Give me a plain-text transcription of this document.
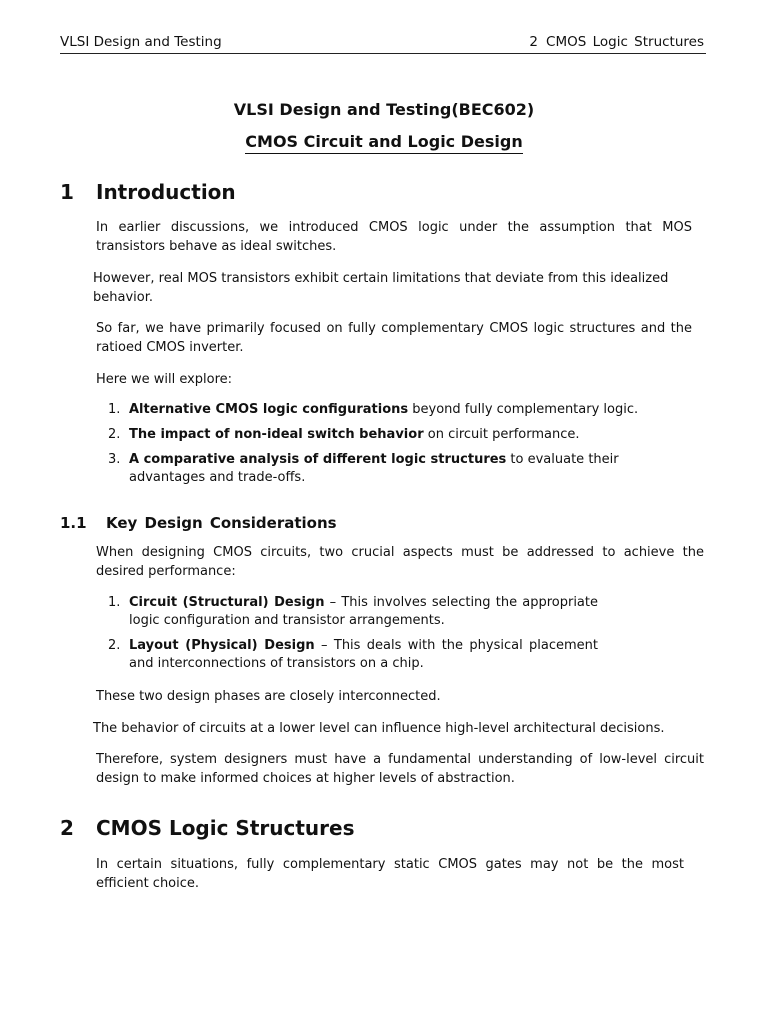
VLSI Design and Testing	2 CMOS Logic Structures
VLSI Design and Testing(BEC602)
CMOS Circuit and Logic Design
1 Introduction
In earlier discussions, we introduced CMOS logic under the assumption that MOS transistors behave as ideal switches.
However, real MOS transistors exhibit certain limitations that deviate from this idealized behavior.
So far, we have primarily focused on fully complementary CMOS logic structures and the ratioed CMOS inverter.
Here we will explore:
1. Alternative CMOS logic configurations beyond fully complementary logic.
2. The impact of non-ideal switch behavior on circuit performance.
3. A comparative analysis of different logic structures to evaluate their advantages and trade-offs.
1.1 Key Design Considerations
When designing CMOS circuits, two crucial aspects must be addressed to achieve the desired performance:
1. Circuit (Structural) Design – This involves selecting the appropriate logic configuration and transistor arrangements.
2. Layout (Physical) Design – This deals with the physical placement and interconnections of transistors on a chip.
These two design phases are closely interconnected.
The behavior of circuits at a lower level can influence high-level architectural decisions.
Therefore, system designers must have a fundamental understanding of low-level circuit design to make informed choices at higher levels of abstraction.
2 CMOS Logic Structures
In certain situations, fully complementary static CMOS gates may not be the most efficient choice.
